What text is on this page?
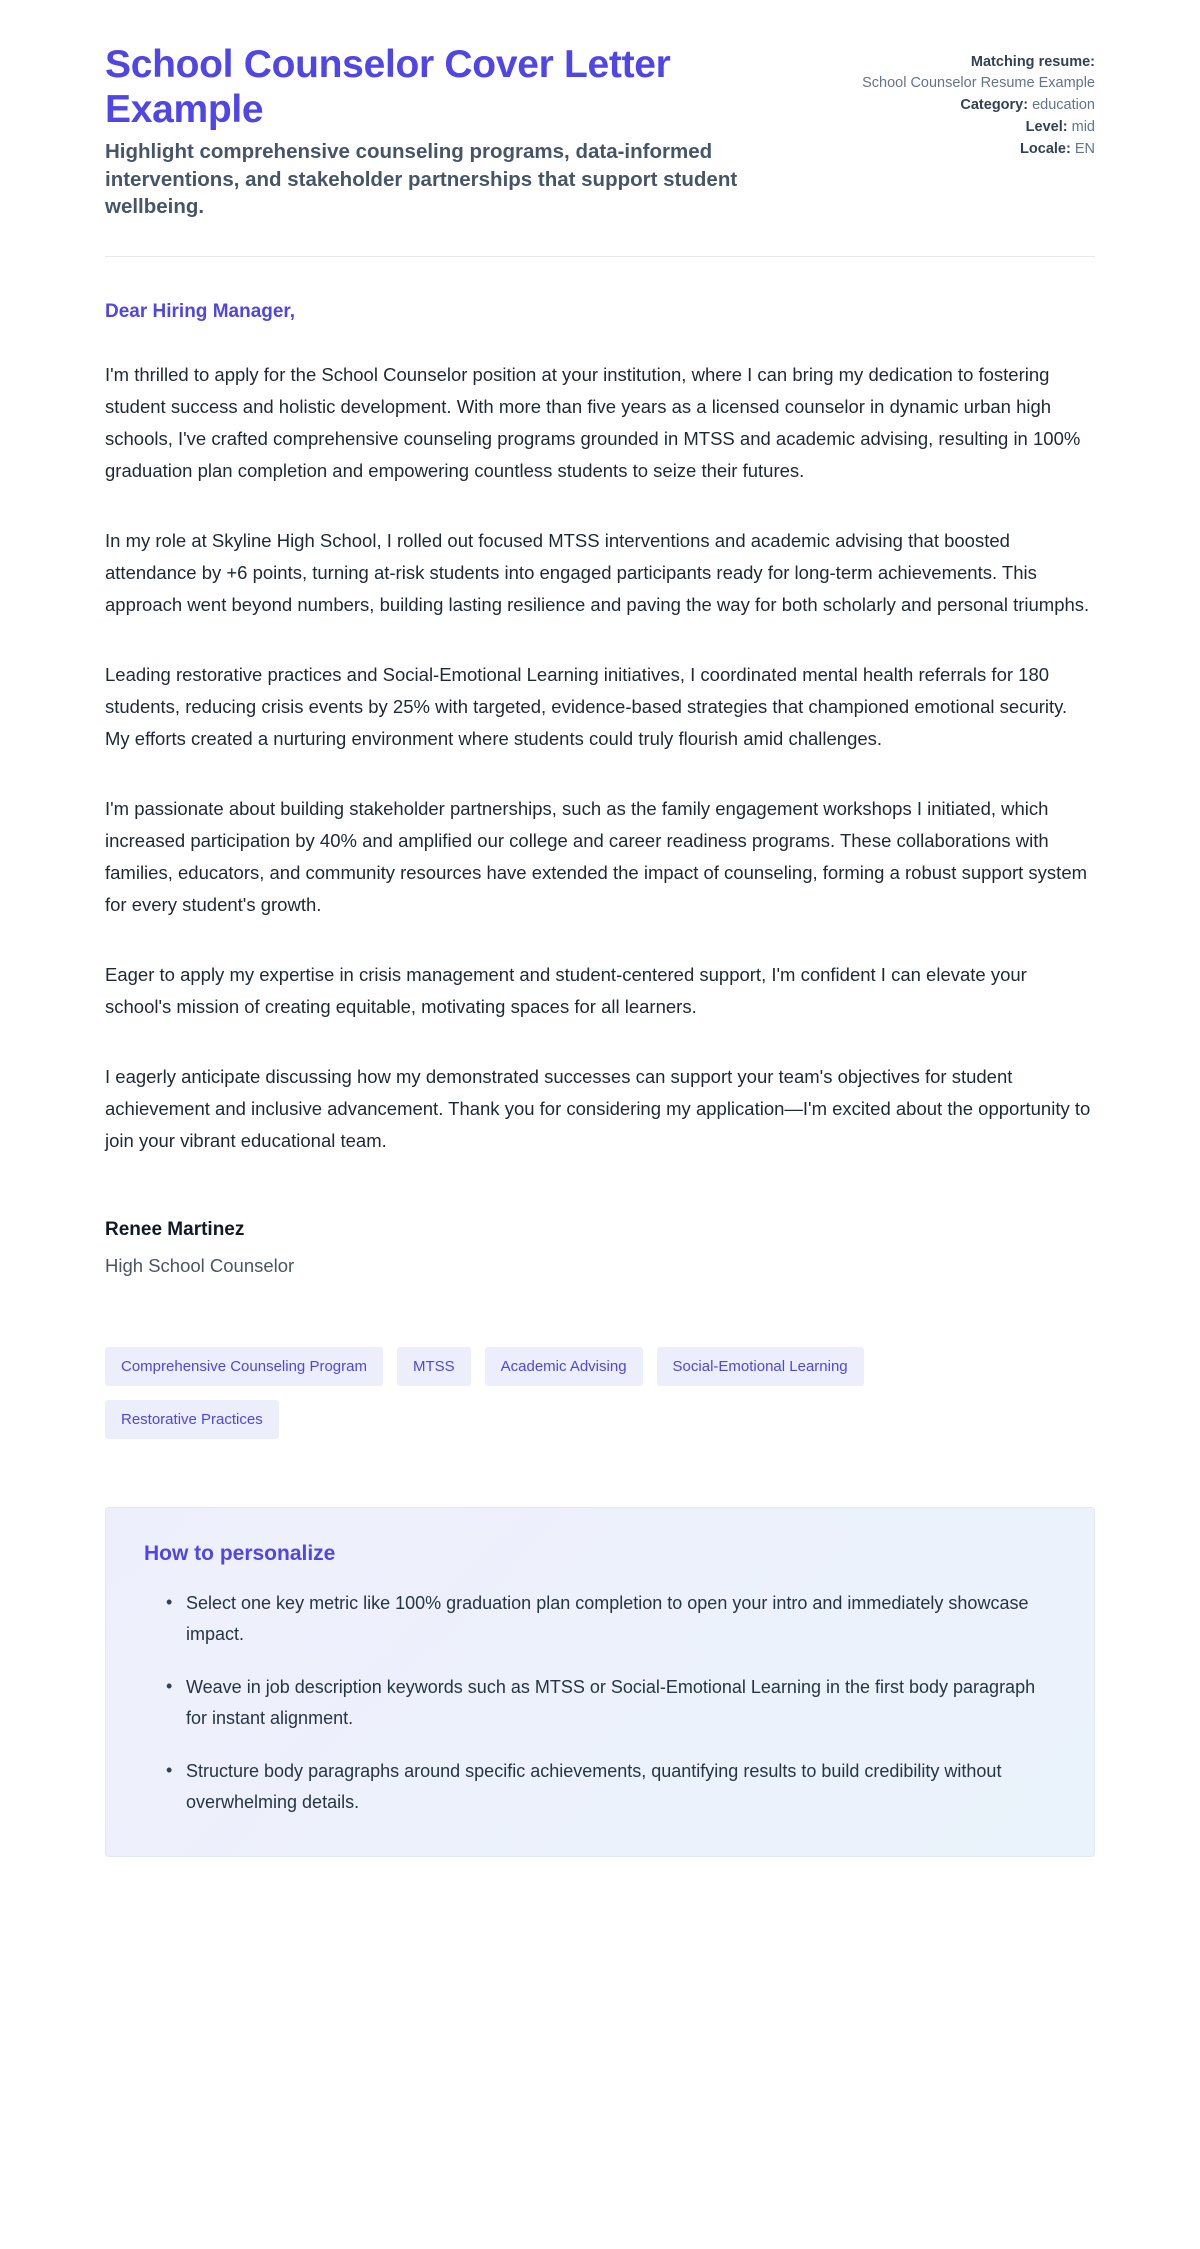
School Counselor Cover Letter Example

Highlight comprehensive counseling programs, data-informed interventions, and stakeholder partnerships that support student wellbeing.

Matching resume:
School Counselor Resume Example
Category: education
Level: mid
Locale: EN

Dear Hiring Manager,

I'm thrilled to apply for the School Counselor position at your institution, where I can bring my dedication to fostering student success and holistic development. With more than five years as a licensed counselor in dynamic urban high schools, I've crafted comprehensive counseling programs grounded in MTSS and academic advising, resulting in 100% graduation plan completion and empowering countless students to seize their futures.

In my role at Skyline High School, I rolled out focused MTSS interventions and academic advising that boosted attendance by +6 points, turning at-risk students into engaged participants ready for long-term achievements. This approach went beyond numbers, building lasting resilience and paving the way for both scholarly and personal triumphs.

Leading restorative practices and Social-Emotional Learning initiatives, I coordinated mental health referrals for 180 students, reducing crisis events by 25% with targeted, evidence-based strategies that championed emotional security. My efforts created a nurturing environment where students could truly flourish amid challenges.

I'm passionate about building stakeholder partnerships, such as the family engagement workshops I initiated, which increased participation by 40% and amplified our college and career readiness programs. These collaborations with families, educators, and community resources have extended the impact of counseling, forming a robust support system for every student's growth.

Eager to apply my expertise in crisis management and student-centered support, I'm confident I can elevate your school's mission of creating equitable, motivating spaces for all learners.

I eagerly anticipate discussing how my demonstrated successes can support your team's objectives for student achievement and inclusive advancement. Thank you for considering my application—I'm excited about the opportunity to join your vibrant educational team.

Renee Martinez

High School Counselor

Comprehensive Counseling Program	MTSS	Academic Advising	Social-Emotional Learning
Restorative Practices
How to personalize
• Select one key metric like 100% graduation plan completion to open your intro and immediately showcase impact.
• Weave in job description keywords such as MTSS or Social-Emotional Learning in the first body paragraph for instant alignment.
• Structure body paragraphs around specific achievements, quantifying results to build credibility without overwhelming details.
